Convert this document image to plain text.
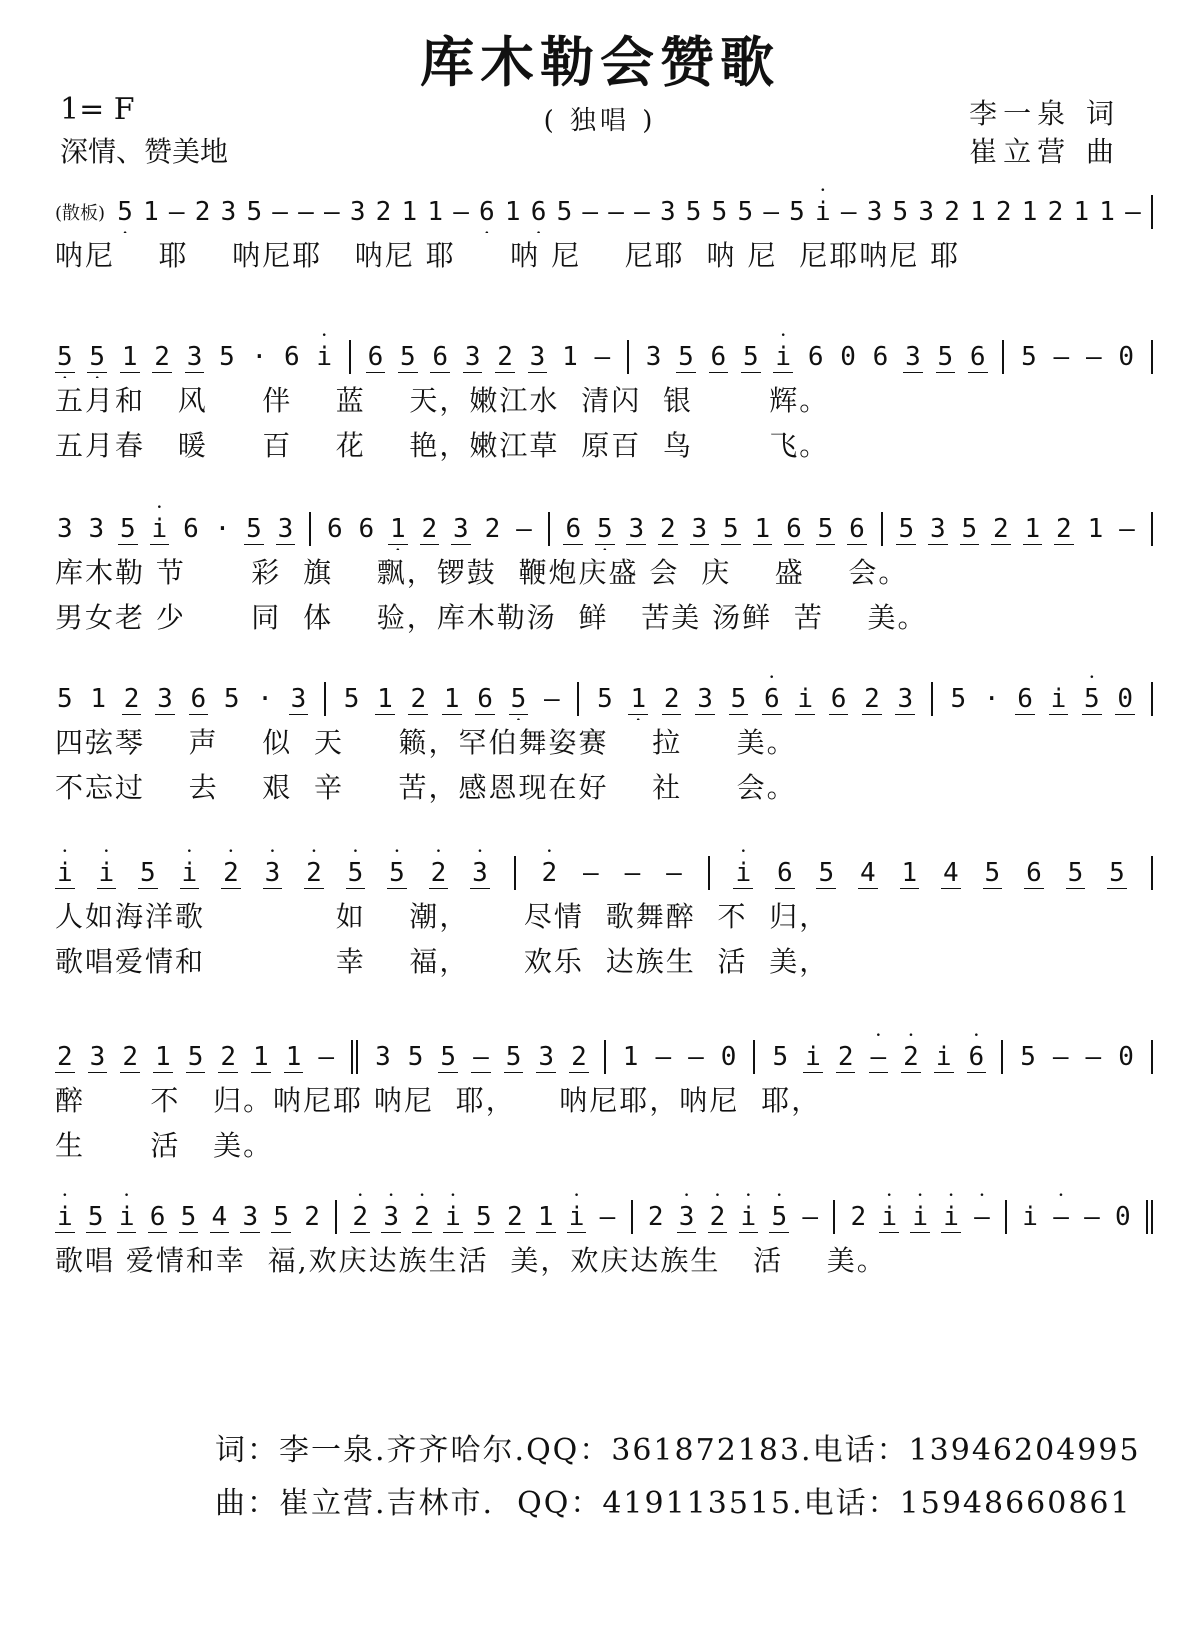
库木勒会赞歌
1= F
深情、赞美地
( 独唱 )	李一泉 词
崔立营 曲
(散板) 5 • 1 – 2 3 5 – – – 3 2 1 1 – 6 • 1 6 • 5 – – – 3 5 5 5 – 5 • i – 3 5 3 2 1 2 1 2 1 1 –
呐尼    耶    呐尼耶   呐尼 耶     呐 尼    尼耶  呐 尼  尼耶呐尼 耶
5 • 5 • 1 2 3 5 · 6 • i 6 5 6 3 2 3 1 – 3 5 6 5 • i 6 0 6 3 5 6 5 – – 0
五月和   风     伴    蓝    天，嫩江水  清闪  银       辉。
五月春   暖     百    花    艳，嫩江草  原百  鸟       飞。
3 3 5 • i 6 · 5 3 6 6 1 • 2 3 2 – 6 5 • 3 2 3 5 1 6 5 6 5 3 5 2 1 2 1 –
库木勒 节      彩  旗    飘，锣鼓  鞭炮庆盛 会  庆    盛    会。
男女老 少      同  体    验，库木勒汤  鲜   苦美 汤鲜  苦    美。
5 1 2 3 6 5 · 3 5 1 2 1 6 5 • – 5 1 • 2 3 5 • 6 i 6 2 3 5 · 6 i • 5 0
四弦琴    声    似  天     籁，罕伯舞姿赛    拉     美。
不忘过    去    艰  辛     苦，感恩现在好    社     会。
• i • i 5 • i • 2 • 3 • 2 • 5 • 5 • 2 • 3 • 2 – – – • i 6 5 4 1 4 5 6 5 5
人如海洋歌            如    潮，     尽情  歌舞醉  不  归，
歌唱爱情和            幸    福，     欢乐  达族生  活  美，
2 3 2 1 5 2 1 1 – 3 5 5 – 5 3 2 1 – – 0 5 i 2 • – • 2 i • 6 5 – – 0
醉      不   归。呐尼耶 呐尼  耶，    呐尼耶，呐尼  耶，
生      活   美。
• i 5 • i 6 5 4 3 5 2 • 2 • 3 • 2 • i 5 2 1 • i – 2 • 3 • 2 • i • 5 – 2 • i • i • i • – i • – – 0
歌唱 爱情和幸  福,欢庆达族生活  美，欢庆达族生   活    美。
词：李一泉.齐齐哈尔.QQ：361872183.电话：13946204995
曲：崔立营.吉林市.  QQ：419113515.电话：15948660861
